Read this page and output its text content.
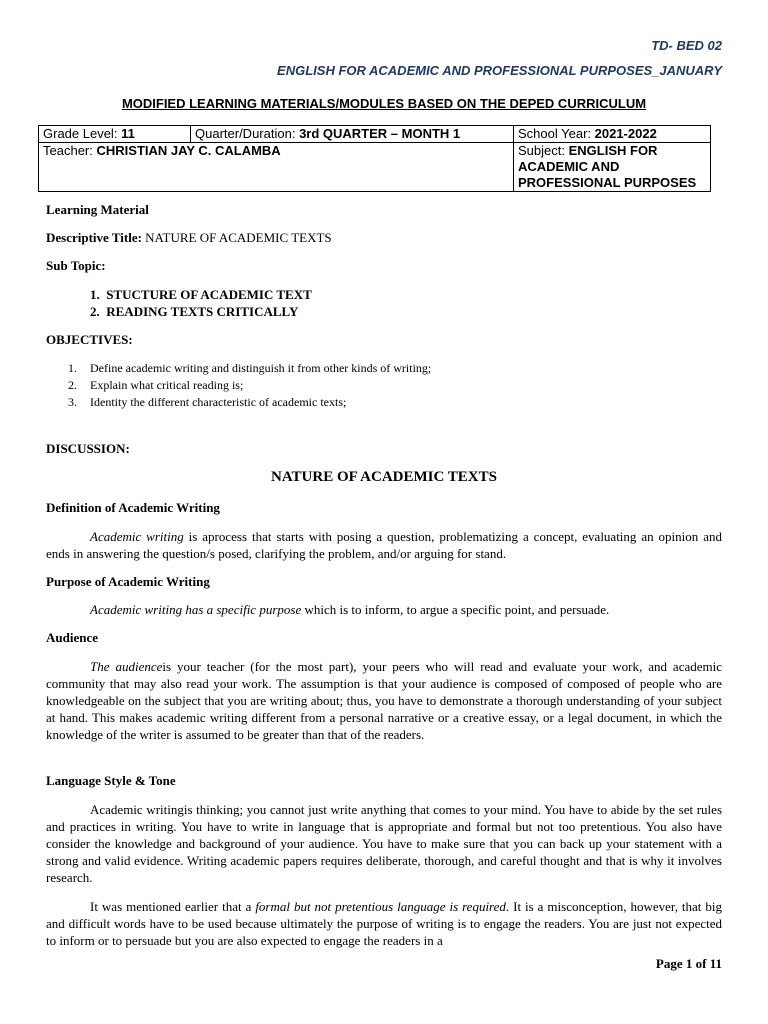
TD- BED 02
ENGLISH FOR ACADEMIC AND PROFESSIONAL PURPOSES_JANUARY
MODIFIED LEARNING MATERIALS/MODULES BASED ON THE DEPED CURRICULUM
Grade Level: 11	Quarter/Duration: 3rd QUARTER – MONTH 1	School Year: 2021-2022
Teacher: CHRISTIAN JAY C. CALAMBA		Subject: ENGLISH FOR ACADEMIC AND PROFESSIONAL PURPOSES
Learning Material
Descriptive Title: NATURE OF ACADEMIC TEXTS
Sub Topic:
1. STUCTURE OF ACADEMIC TEXT
2. READING TEXTS CRITICALLY
OBJECTIVES:
1. Define academic writing and distinguish it from other kinds of writing;
2. Explain what critical reading is;
3. Identity the different characteristic of academic texts;
DISCUSSION:
NATURE OF ACADEMIC TEXTS
Definition of Academic Writing
Academic writing is aprocess that starts with posing a question, problematizing a concept, evaluating an opinion and ends in answering the question/s posed, clarifying the problem, and/or arguing for stand.
Purpose of Academic Writing
Academic writing has a specific purpose which is to inform, to argue a specific point, and persuade.
Audience
The audienceis your teacher (for the most part), your peers who will read and evaluate your work, and academic community that may also read your work. The assumption is that your audience is composed of composed of people who are knowledgeable on the subject that you are writing about; thus, you have to demonstrate a thorough understanding of your subject at hand. This makes academic writing different from a personal narrative or a creative essay, or a legal document, in which the knowledge of the writer is assumed to be greater than that of the readers.
Language Style & Tone
Academic writingis thinking; you cannot just write anything that comes to your mind. You have to abide by the set rules and practices in writing. You have to write in language that is appropriate and formal but not too pretentious. You also have consider the knowledge and background of your audience. You have to make sure that you can back up your statement with a strong and valid evidence. Writing academic papers requires deliberate, thorough, and careful thought and that is why it involves research.
It was mentioned earlier that a formal but not pretentious language is required. It is a misconception, however, that big and difficult words have to be used because ultimately the purpose of writing is to engage the readers. You are just not expected to inform or to persuade but you are also expected to engage the readers in a
Page 1 of 11
